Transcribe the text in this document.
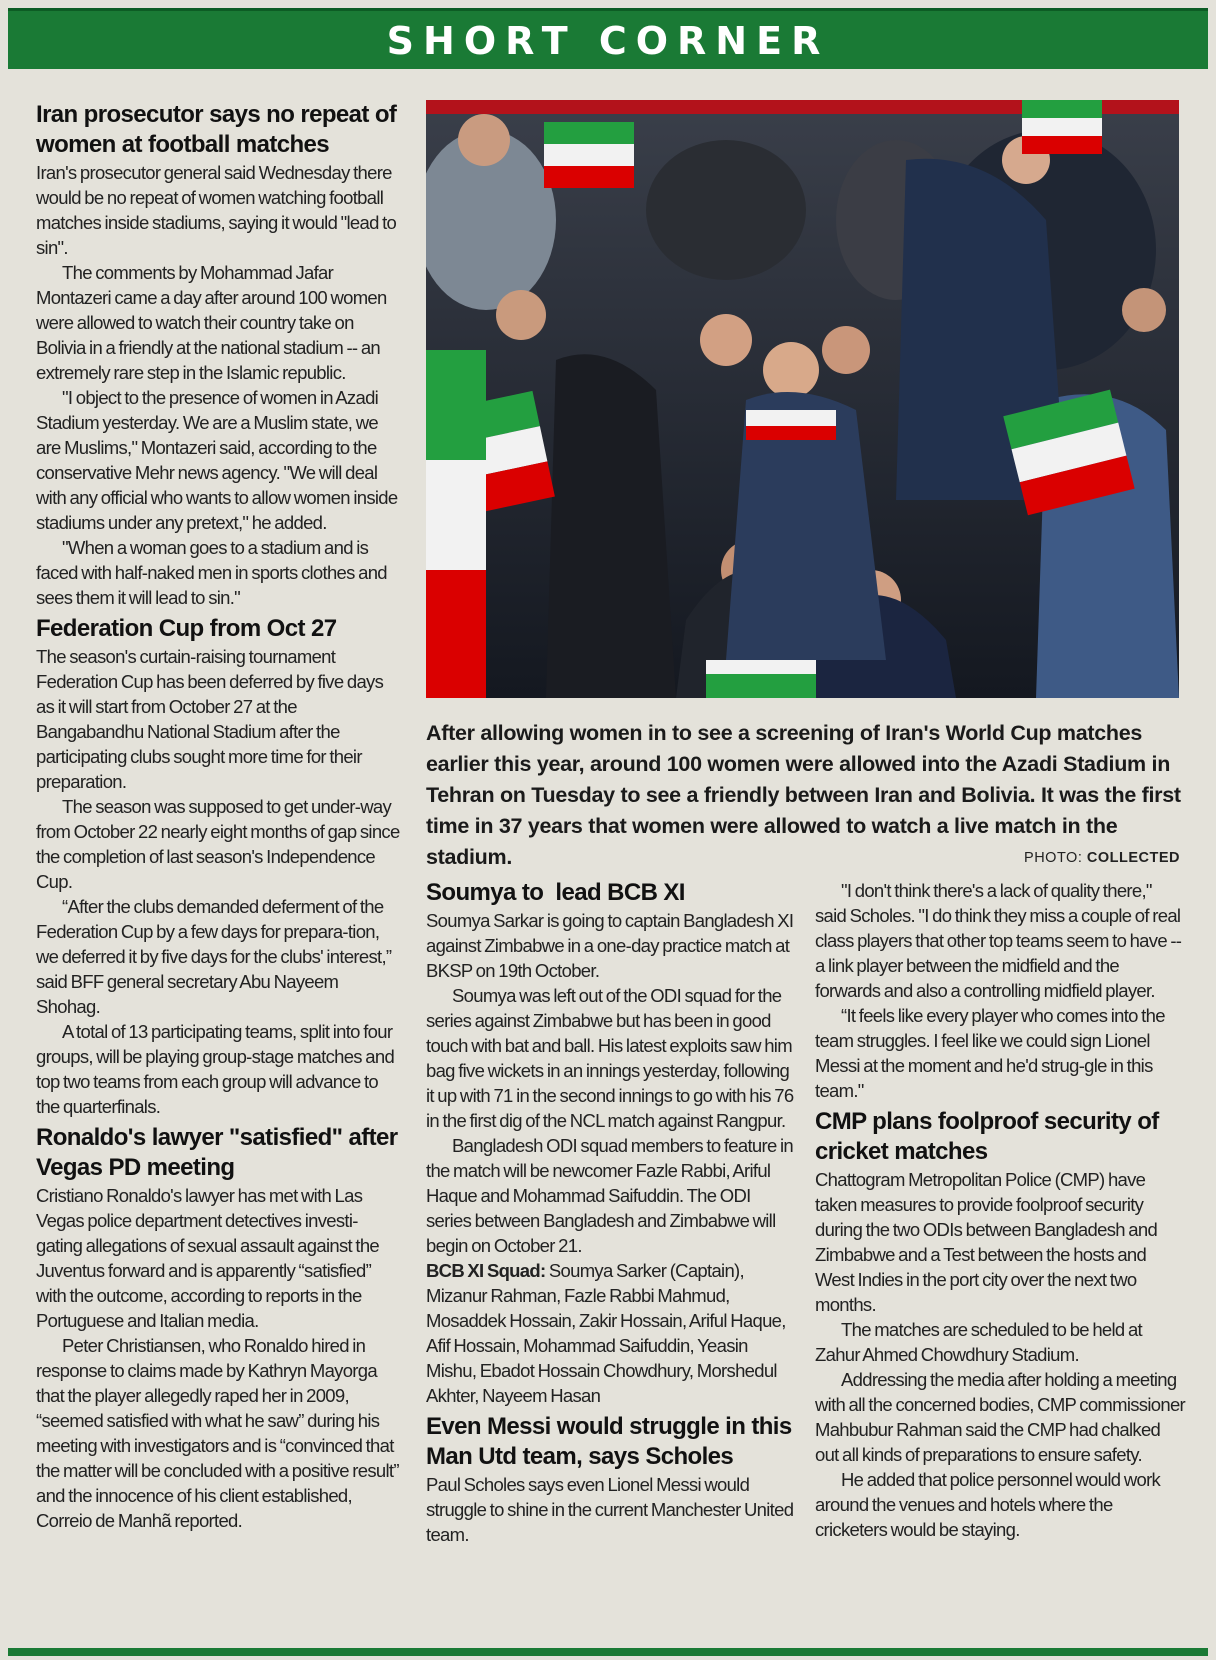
SHORT CORNER
Iran prosecutor says no repeat of women at football matches

Iran's prosecutor general said Wednesday there would be no repeat of women watching football matches inside stadiums, saying it would "lead to sin".

The comments by Mohammad Jafar Montazeri came a day after around 100 women were allowed to watch their country take on Bolivia in a friendly at the national stadium -- an extremely rare step in the Islamic republic.

"I object to the presence of women in Azadi Stadium yesterday. We are a Muslim state, we are Muslims," Montazeri said, according to the conservative Mehr news agency. "We will deal with any official who wants to allow women inside stadiums under any pretext," he added.

"When a woman goes to a stadium and is faced with half-naked men in sports clothes and sees them it will lead to sin."

Federation Cup from Oct 27

The season's curtain-raising tournament Federation Cup has been deferred by five days as it will start from October 27 at the Bangabandhu National Stadium after the participating clubs sought more time for their preparation.

The season was supposed to get under-way from October 22 nearly eight months of gap since the completion of last season's Independence Cup.

“After the clubs demanded deferment of the Federation Cup by a few days for prepara-tion, we deferred it by five days for the clubs' interest,” said BFF general secretary Abu Nayeem Shohag.

A total of 13 participating teams, split into four groups, will be playing group-stage matches and top two teams from each group will advance to the quarterfinals.

Ronaldo's lawyer "satisfied" after Vegas PD meeting

Cristiano Ronaldo's lawyer has met with Las Vegas police department detectives investi-gating allegations of sexual assault against the Juventus forward and is apparently “satisfied” with the outcome, according to reports in the Portuguese and Italian media.

Peter Christiansen, who Ronaldo hired in response to claims made by Kathryn Mayorga that the player allegedly raped her in 2009, “seemed satisfied with what he saw” during his meeting with investigators and is “convinced that the matter will be concluded with a positive result” and the innocence of his client established, Correio de Manhã reported.

After allowing women in to see a screening of Iran's World Cup matches earlier this year, around 100 women were allowed into the Azadi Stadium in Tehran on Tuesday to see a friendly between Iran and Bolivia. It was the first time in 37 years that women were allowed to watch a live match in the stadium.	PHOTO: COLLECTED
Soumya to  lead BCB XI

Soumya Sarkar is going to captain Bangladesh XI against Zimbabwe in a one-day practice match at BKSP on 19th October.

Soumya was left out of the ODI squad for the series against Zimbabwe but has been in good touch with bat and ball. His latest exploits saw him bag five wickets in an innings yesterday, following it up with 71 in the second innings to go with his 76 in the first dig of the NCL match against Rangpur.

Bangladesh ODI squad members to feature in the match will be newcomer Fazle Rabbi, Ariful Haque and Mohammad Saifuddin. The ODI series between Bangladesh and Zimbabwe will begin on October 21.

BCB XI Squad: Soumya Sarker (Captain), Mizanur Rahman, Fazle Rabbi Mahmud, Mosaddek Hossain, Zakir Hossain, Ariful Haque, Afif Hossain, Mohammad Saifuddin, Yeasin Mishu, Ebadot Hossain Chowdhury, Morshedul Akhter, Nayeem Hasan

Even Messi would struggle in this Man Utd team, says Scholes

Paul Scholes says even Lionel Messi would struggle to shine in the current Manchester United team.

"I don't think there's a lack of quality there," said Scholes. "I do think they miss a couple of real class players that other top teams seem to have -- a link player between the midfield and the forwards and also a controlling midfield player.

“It feels like every player who comes into the team struggles. I feel like we could sign Lionel Messi at the moment and he'd strug-gle in this team."

CMP plans foolproof security of cricket matches

Chattogram Metropolitan Police (CMP) have taken measures to provide foolproof security during the two ODIs between Bangladesh and Zimbabwe and a Test between the hosts and West Indies in the port city over the next two months.

The matches are scheduled to be held at Zahur Ahmed Chowdhury Stadium.

Addressing the media after holding a meeting with all the concerned bodies, CMP commissioner Mahbubur Rahman said the CMP had chalked out all kinds of preparations to ensure safety.

He added that police personnel would work around the venues and hotels where the cricketers would be staying.
